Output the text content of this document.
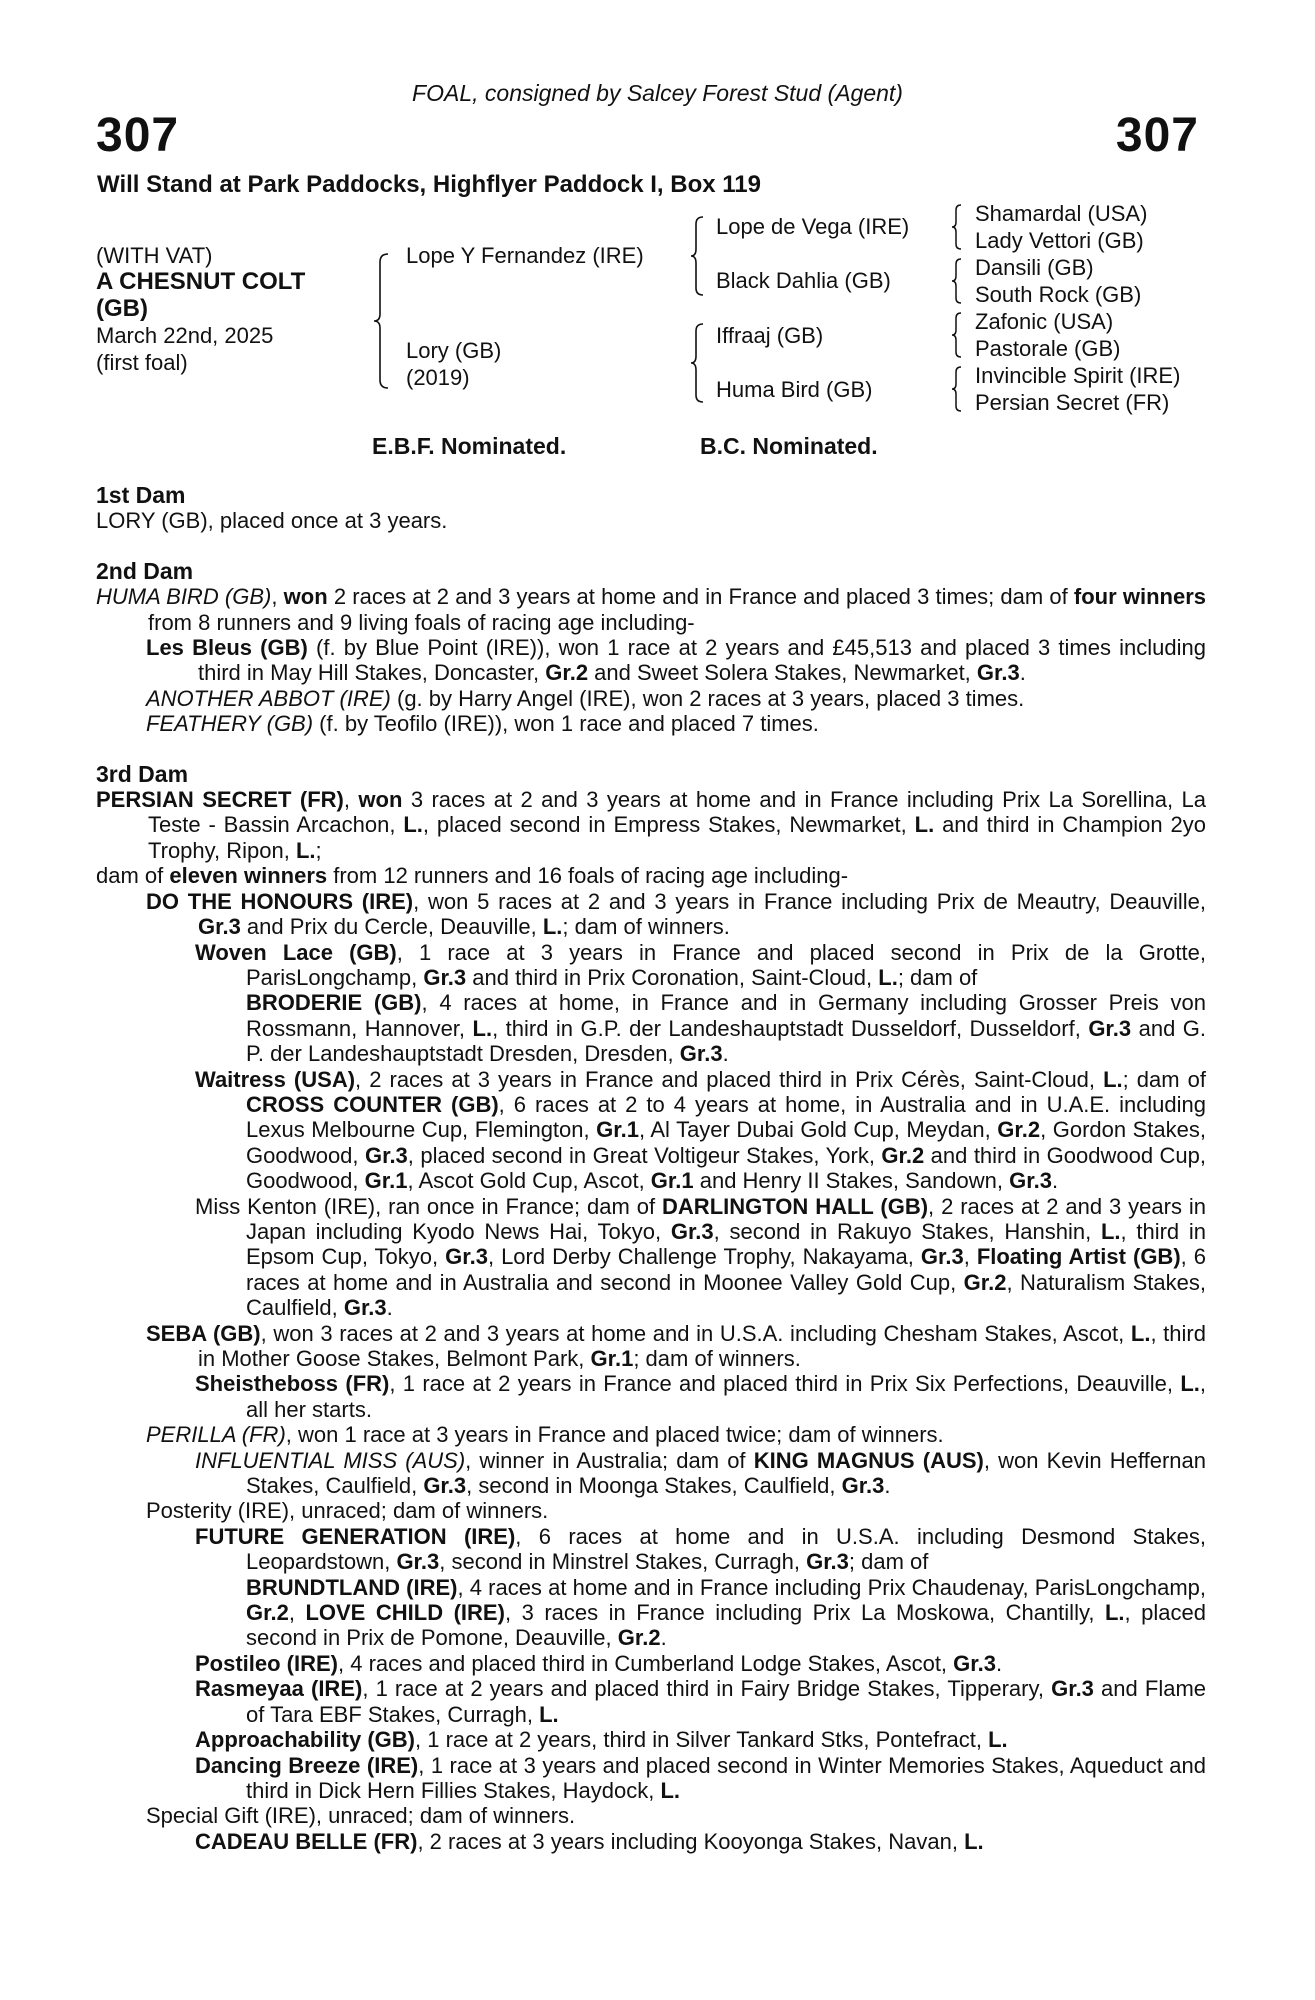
FOAL, consigned by Salcey Forest Stud (Agent)
307	307
Will Stand at Park Paddocks, Highflyer Paddock I, Box 119
(WITH VAT)
A CHESNUT COLT
(GB)
March 22nd, 2025
(first foal)
Lope Y Fernandez (IRE)
Lory (GB)
(2019)
Lope de Vega (IRE)
Black Dahlia (GB)
Iffraaj (GB)
Huma Bird (GB)
Shamardal (USA)
Lady Vettori (GB)
Dansili (GB)
South Rock (GB)
Zafonic (USA)
Pastorale (GB)
Invincible Spirit (IRE)
Persian Secret (FR)
E.B.F. Nominated.	B.C. Nominated.
1st Dam

LORY (GB), placed once at 3 years.

2nd Dam

HUMA BIRD (GB), won 2 races at 2 and 3 years at home and in France and placed 3 times; dam of four winners from 8 runners and 9 living foals of racing age including-

Les Bleus (GB) (f. by Blue Point (IRE)), won 1 race at 2 years and £45,513 and placed 3 times including third in May Hill Stakes, Doncaster, Gr.2 and Sweet Solera Stakes, Newmarket, Gr.3.

ANOTHER ABBOT (IRE) (g. by Harry Angel (IRE), won 2 races at 3 years, placed 3 times.

FEATHERY (GB) (f. by Teofilo (IRE)), won 1 race and placed 7 times.

3rd Dam

PERSIAN SECRET (FR), won 3 races at 2 and 3 years at home and in France including Prix La Sorellina, La Teste - Bassin Arcachon, L., placed second in Empress Stakes, Newmarket, L. and third in Champion 2yo Trophy, Ripon, L.;

dam of eleven winners from 12 runners and 16 foals of racing age including-

DO THE HONOURS (IRE), won 5 races at 2 and 3 years in France including Prix de Meautry, Deauville, Gr.3 and Prix du Cercle, Deauville, L.; dam of winners.

Woven Lace (GB), 1 race at 3 years in France and placed second in Prix de la Grotte, ParisLongchamp, Gr.3 and third in Prix Coronation, Saint-Cloud, L.; dam of

BRODERIE (GB), 4 races at home, in France and in Germany including Grosser Preis von Rossmann, Hannover, L., third in G.P. der Landeshauptstadt Dusseldorf, Dusseldorf, Gr.3 and G. P. der Landeshauptstadt Dresden, Dresden, Gr.3.

Waitress (USA), 2 races at 3 years in France and placed third in Prix Cérès, Saint-Cloud, L.; dam of CROSS COUNTER (GB), 6 races at 2 to 4 years at home, in Australia and in U.A.E. including Lexus Melbourne Cup, Flemington, Gr.1, Al Tayer Dubai Gold Cup, Meydan, Gr.2, Gordon Stakes, Goodwood, Gr.3, placed second in Great Voltigeur Stakes, York, Gr.2 and third in Goodwood Cup, Goodwood, Gr.1, Ascot Gold Cup, Ascot, Gr.1 and Henry II Stakes, Sandown, Gr.3.

Miss Kenton (IRE), ran once in France; dam of DARLINGTON HALL (GB), 2 races at 2 and 3 years in Japan including Kyodo News Hai, Tokyo, Gr.3, second in Rakuyo Stakes, Hanshin, L., third in Epsom Cup, Tokyo, Gr.3, Lord Derby Challenge Trophy, Nakayama, Gr.3, Floating Artist (GB), 6 races at home and in Australia and second in Moonee Valley Gold Cup, Gr.2, Naturalism Stakes, Caulfield, Gr.3.

SEBA (GB), won 3 races at 2 and 3 years at home and in U.S.A. including Chesham Stakes, Ascot, L., third in Mother Goose Stakes, Belmont Park, Gr.1; dam of winners.

Sheistheboss (FR), 1 race at 2 years in France and placed third in Prix Six Perfections, Deauville, L., all her starts.

PERILLA (FR), won 1 race at 3 years in France and placed twice; dam of winners.

INFLUENTIAL MISS (AUS), winner in Australia; dam of KING MAGNUS (AUS), won Kevin Heffernan Stakes, Caulfield, Gr.3, second in Moonga Stakes, Caulfield, Gr.3.

Posterity (IRE), unraced; dam of winners.

FUTURE GENERATION (IRE), 6 races at home and in U.S.A. including Desmond Stakes, Leopardstown, Gr.3, second in Minstrel Stakes, Curragh, Gr.3; dam of

BRUNDTLAND (IRE), 4 races at home and in France including Prix Chaudenay, ParisLongchamp, Gr.2, LOVE CHILD (IRE), 3 races in France including Prix La Moskowa, Chantilly, L., placed second in Prix de Pomone, Deauville, Gr.2.

Postileo (IRE), 4 races and placed third in Cumberland Lodge Stakes, Ascot, Gr.3.

Rasmeyaa (IRE), 1 race at 2 years and placed third in Fairy Bridge Stakes, Tipperary, Gr.3 and Flame of Tara EBF Stakes, Curragh, L.

Approachability (GB), 1 race at 2 years, third in Silver Tankard Stks, Pontefract, L.

Dancing Breeze (IRE), 1 race at 3 years and placed second in Winter Memories Stakes, Aqueduct and third in Dick Hern Fillies Stakes, Haydock, L.

Special Gift (IRE), unraced; dam of winners.

CADEAU BELLE (FR), 2 races at 3 years including Kooyonga Stakes, Navan, L.
